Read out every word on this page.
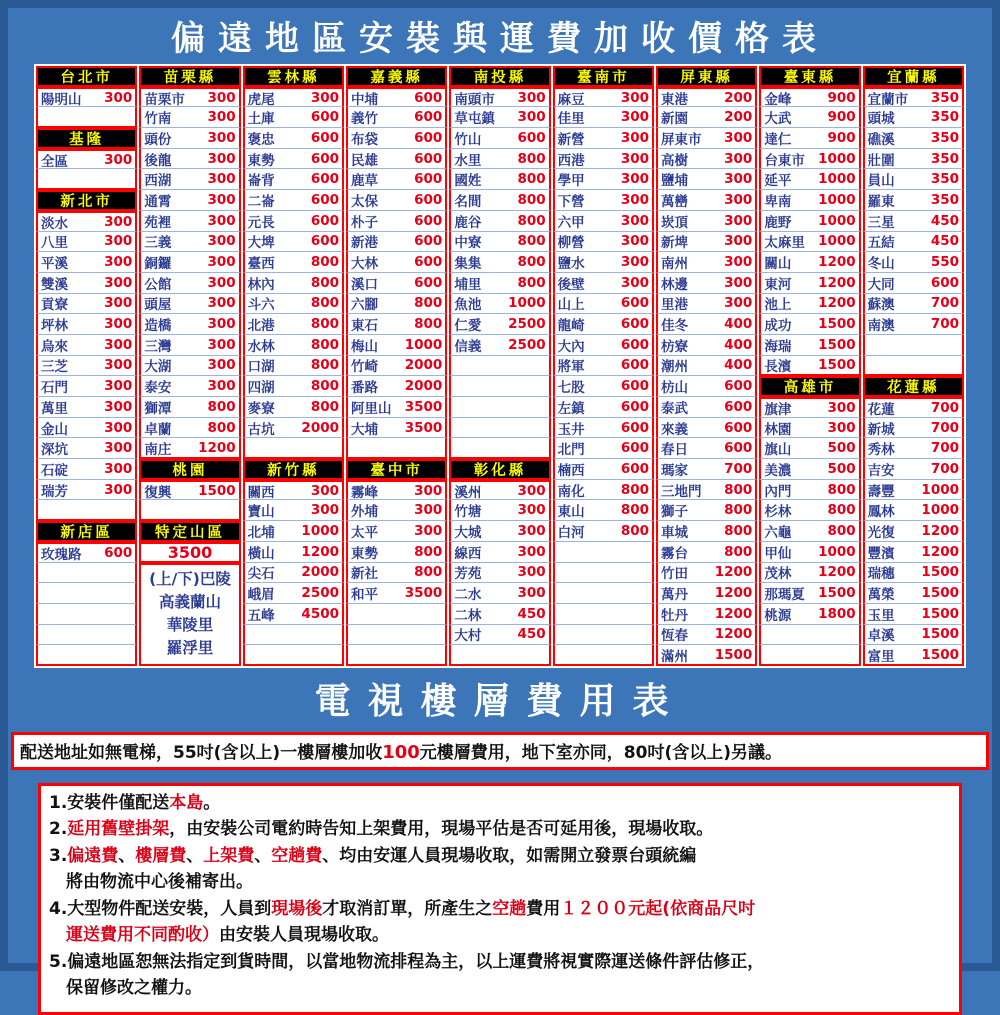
偏遠地區安裝與運費加收價格表
台北市
陽明山 300
基隆
全區	300
新北市
淡水	300
八里	300
平溪	300
雙溪	300
貢寮	300
坪林	300
烏來	300
三芝	300
石門	300
萬里	300
金山	300
深坑	300
石碇	300
瑞芳	300
新店區
玫瑰路 600
苗栗縣
苗栗市 300
竹南	300
頭份	300
後龍	300
西湖	300
通霄	300
苑裡	300
三義	300
銅鑼	300
公館	300
頭屋	300
造橋	300
三灣	300
大湖	300
泰安	300
獅潭	800
卓蘭	800
南庄 1200
桃園
復興 1500
特定山區
3500
(上/下)巴陵
高義蘭山
華陵里
羅浮里
雲林縣
虎尾	300
土庫	600
褒忠	600
東勢	600
崙背	600
二崙	600
元長	600
大埤	600
臺西	800
林內	800
斗六	800
北港	800
水林	800
口湖	800
四湖	800
麥寮	800
古坑 2000
新竹縣
關西	300
寶山	300
北埔 1000
橫山 1200
尖石 2000
峨眉 2500
五峰 4500
嘉義縣
中埔	600
義竹	600
布袋	600
民雄	600
鹿草	600
太保	600
朴子	600
新港	600
大林	600
溪口	600
六腳	800
東石	800
梅山 1000
竹崎 2000
番路 2000
阿里山 3500
大埔 3500
臺中市
霧峰	300
外埔	300
太平	300
東勢	800
新社	800
和平 3500
南投縣
南頭市 300
草屯鎮 300
竹山	600
水里	800
國姓	800
名間	800
鹿谷	800
中寮	800
集集	800
埔里	800
魚池 1000
仁愛 2500
信義 2500
彰化縣
溪州	300
竹塘	300
大城	300
線西	300
芳苑	300
二水	300
二林	450
大村	450
臺南市
麻豆	300
佳里	300
新營	300
西港	300
學甲	300
下營	300
六甲	300
柳營	300
鹽水	300
後壁	300
山上	600
龍崎	600
大內	600
將軍	600
七股	600
左鎮	600
玉井	600
北門	600
楠西	600
南化	800
東山	800
白河	800
屏東縣
東港	200
新園	200
屏東市 300
高樹	300
鹽埔	300
萬巒	300
崁頂	300
新埤	300
南州	300
林邊	300
里港	300
佳冬	400
枋寮	400
潮州	400
枋山	600
泰武	600
來義	600
春日	600
瑪家	700
三地門 800
獅子	800
車城	800
霧台	800
竹田 1200
萬丹 1200
牡丹 1200
恆春 1200
滿州 1500
臺東縣
金峰	900
大武	900
達仁	900
台東市 1000
延平 1000
卑南 1000
鹿野 1000
太麻里 1000
關山 1200
東河 1200
池上 1200
成功 1500
海瑞 1500
長濱 1500
高雄市
旗津	300
林園	300
旗山	500
美濃	500
內門	800
杉林	800
六龜	800
甲仙 1000
茂林 1200
那瑪夏 1500
桃源 1800
宜蘭縣
宜蘭市 350
頭城	350
礁溪	350
壯圍	350
員山	350
羅東	350
三星	450
五結	450
冬山	550
大同	600
蘇澳	700
南澳	700
花蓮縣
花蓮	700
新城	700
秀林	700
吉安	700
壽豐 1000
鳳林 1000
光復 1200
豐濱 1200
瑞穗 1500
萬榮 1500
玉里 1500
卓溪 1500
富里 1500
電視樓層費用表
配送地址如無電梯，55吋(含以上)一樓層樓加收100元樓層費用，地下室亦同，80吋(含以上)另議。
1.安裝件僅配送本島。
2.延用舊壁掛架，由安裝公司電約時告知上架費用，現場平估是否可延用後，現場收取。
3.偏遠費、樓層費、上架費、空趟費、均由安運人員現場收取，如需開立發票台頭統編
　將由物流中心後補寄出。
4.大型物件配送安裝，人員到現場後才取消訂單，所產生之空趟費用１２００元起(依商品尺吋
　運送費用不同酌收）由安裝人員現場收取。
5.偏遠地區恕無法指定到貨時間，以當地物流排程為主，以上運費將視實際運送條件評估修正，
　保留修改之權力。
